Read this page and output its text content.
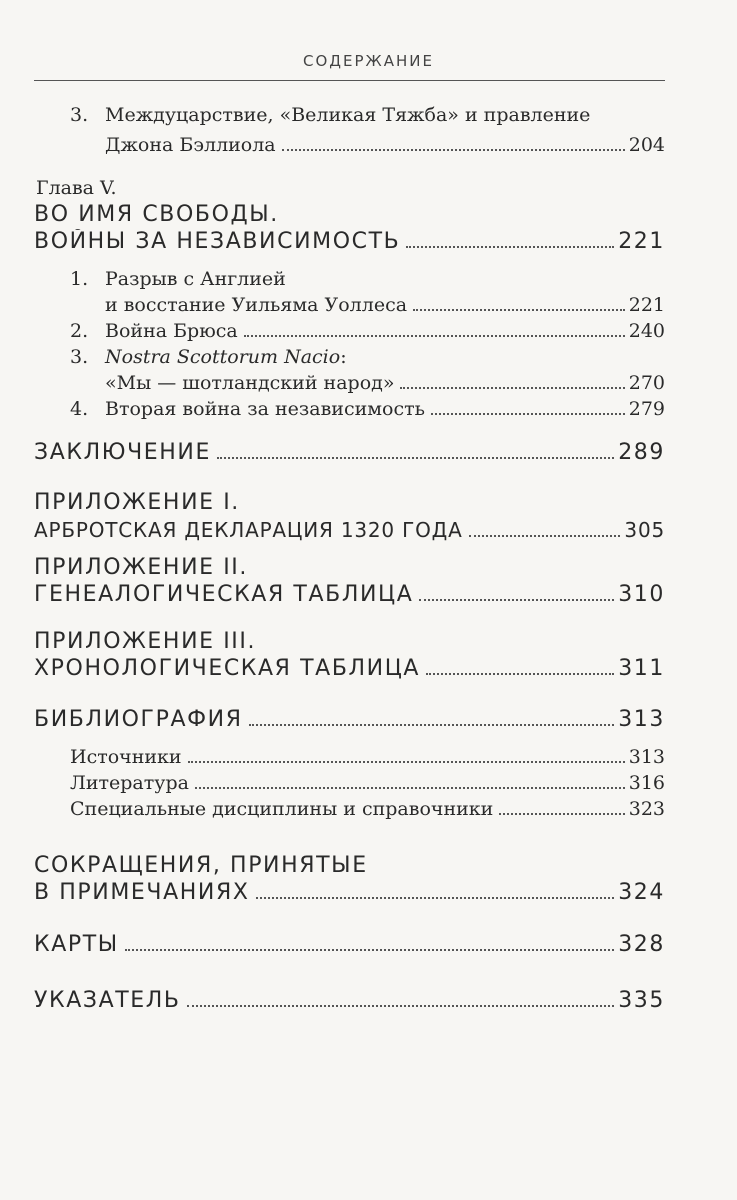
СОДЕРЖАНИЕ
3. Междуцарствие, «Великая Тяжба» и правление
Джона Бэллиола	204
Глава V.
ВО ИМЯ СВОБОДЫ.
ВОЙНЫ ЗА НЕЗАВИСИМОСТЬ	221
1. Разрыв с Англией
и восстание Уильяма Уоллеса	221
2. Война Брюса	240
3. Nostra Scottorum Nacio :
«Мы — шотландский народ»	270
4. Вторая война за независимость	279
ЗАКЛЮЧЕНИЕ	289
ПРИЛОЖЕНИЕ I.
АРБРОТСКАЯ ДЕКЛАРАЦИЯ 1320 ГОДА	305
ПРИЛОЖЕНИЕ II.
ГЕНЕАЛОГИЧЕСКАЯ ТАБЛИЦА	310
ПРИЛОЖЕНИЕ III.
ХРОНОЛОГИЧЕСКАЯ ТАБЛИЦА	311
БИБЛИОГРАФИЯ	313
Источники	313
Литература	316
Специальные дисциплины и справочники	323
СОКРАЩЕНИЯ, ПРИНЯТЫЕ
В ПРИМЕЧАНИЯХ	324
КАРТЫ	328
УКАЗАТЕЛЬ	335
